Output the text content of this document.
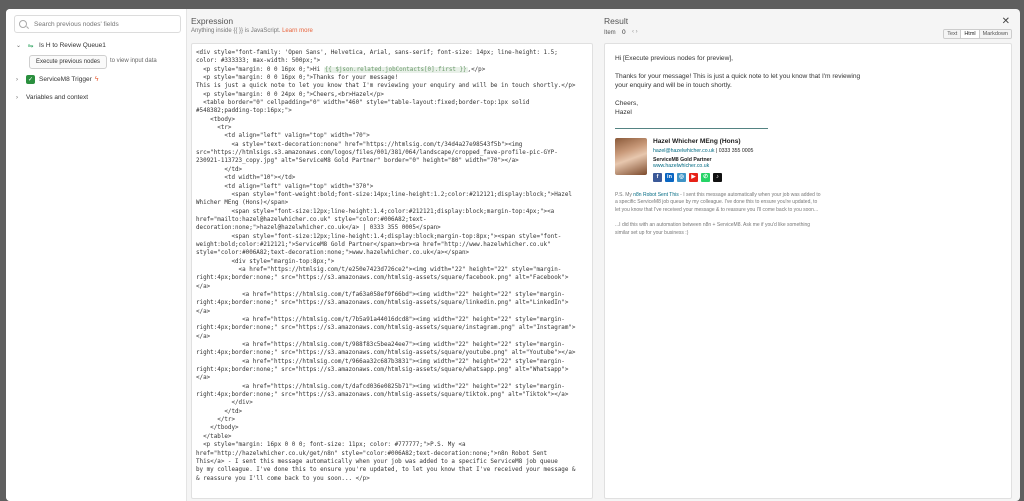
Search previous nodes' fields
⌄ ⇋ Is H to Review Queue1
Execute previous nodes	to view input data
›	✓ ServiceM8 Trigger ϟ
›	Variables and context
Expression
Anything inside {{ }} is JavaScript. Learn more
<div style="font-family: 'Open Sans', Helvetica, Arial, sans-serif; font-size: 14px; line-height: 1.5;
color: #333333; max-width: 500px;">
<p style="margin: 0 0 16px 0;">Hi {{ $json.related.jobContacts[0].first }},</p>
<p style="margin: 0 0 16px 0;">Thanks for your message!
This is just a quick note to let you know that I'm reviewing your enquiry and will be in touch shortly.</p>
<p style="margin: 0 0 24px 0;">Cheers,<br>Hazel</p>
<table border="0" cellpadding="0" width="460" style="table-layout:fixed;border-top:1px solid
#548382;padding-top:16px;">
<tbody>
<tr>
<td align="left" valign="top" width="70">
<a style="text-decoration:none" href="https://htmlsig.com/t/34d4a27e98543f5b"><img
src="https://htmlsigs.s3.amazonaws.com/logos/files/001/381/064/landscape/cropped_fave-profile-pic-GYP-
230921-113723_copy.jpg" alt="ServiceM8 Gold Partner" border="0" height="80" width="70"></a>
</td>
<td width="10"></td>
<td align="left" valign="top" width="370">
<span style="font-weight:bold;font-size:14px;line-height:1.2;color:#212121;display:block;">Hazel
Whicher MEng (Hons)</span>
<span style="font-size:12px;line-height:1.4;color:#212121;display:block;margin-top:4px;"><a
href="mailto:hazel@hazelwhicher.co.uk" style="color:#006A82;text-
decoration:none;">hazel@hazelwhicher.co.uk</a> | 0333 355 0005</span>
<span style="font-size:12px;line-height:1.4;display:block;margin-top:8px;"><span style="font-
weight:bold;color:#212121;">ServiceM8 Gold Partner</span><br><a href="http://www.hazelwhicher.co.uk"
style="color:#006A82;text-decoration:none;">www.hazelwhicher.co.uk</a></span>
<div style="margin-top:8px;">
<a href="https://htmlsig.com/t/e250e7423d726ce2"><img width="22" height="22" style="margin-
right:4px;border:none;" src="https://s3.amazonaws.com/htmlsig-assets/square/facebook.png" alt="Facebook">
</a>
<a href="https://htmlsig.com/t/fa63a058ef9f66bd"><img width="22" height="22" style="margin-
right:4px;border:none;" src="https://s3.amazonaws.com/htmlsig-assets/square/linkedin.png" alt="LinkedIn">
</a>
<a href="https://htmlsig.com/t/7b5a91a44016dcd8"><img width="22" height="22" style="margin-
right:4px;border:none;" src="https://s3.amazonaws.com/htmlsig-assets/square/instagram.png" alt="Instagram">
</a>
<a href="https://htmlsig.com/t/988f83c5bea24ee7"><img width="22" height="22" style="margin-
right:4px;border:none;" src="https://s3.amazonaws.com/htmlsig-assets/square/youtube.png" alt="Youtube"></a>
<a href="https://htmlsig.com/t/966aa32c687b3831"><img width="22" height="22" style="margin-
right:4px;border:none;" src="https://s3.amazonaws.com/htmlsig-assets/square/whatsapp.png" alt="Whatsapp">
</a>
<a href="https://htmlsig.com/t/dafcd036e0825b71"><img width="22" height="22" style="margin-
right:4px;border:none;" src="https://s3.amazonaws.com/htmlsig-assets/square/tiktok.png" alt="Tiktok"></a>
</div>
</td>
</tr>
</tbody>
</table>
<p style="margin: 16px 0 0 0; font-size: 11px; color: #777777;">P.S. My <a
href="http://hazelwhicher.co.uk/get/n8n" style="color:#006A82;text-decoration:none;">n8n Robot Sent
This</a> - I sent this message automatically when your job was added to a specific ServiceM8 job queue
by my colleague. I've done this to ensure you're updated, to let you know that I've received your message &
& reassure you I'll come back to you soon... </p>
Result	✕
Item 0 ‹ ›	Text	Html	Markdown

Hi [Execute previous nodes for preview],

Thanks for your message! This is just a quick note to let you know that I'm reviewing your enquiry and will be in touch shortly.

Cheers,
Hazel

Hazel Whicher MEng (Hons)
hazel@hazelwhicher.co.uk | 0333 355 0005
ServiceM8 Gold Partner
www.hazelwhicher.co.uk
f	in	◎	▶	✆	♪
P.S. My n8n Robot Sent This - I sent this message automatically when your job was added to a specific ServiceM8 job queue by my colleague. I've done this to ensure you're updated, to let you know that I've received your message & to reassure you I'll come back to you soon...
...I did this with an automation between n8n + ServiceM8. Ask me if you'd like something similar set up for your business :)
